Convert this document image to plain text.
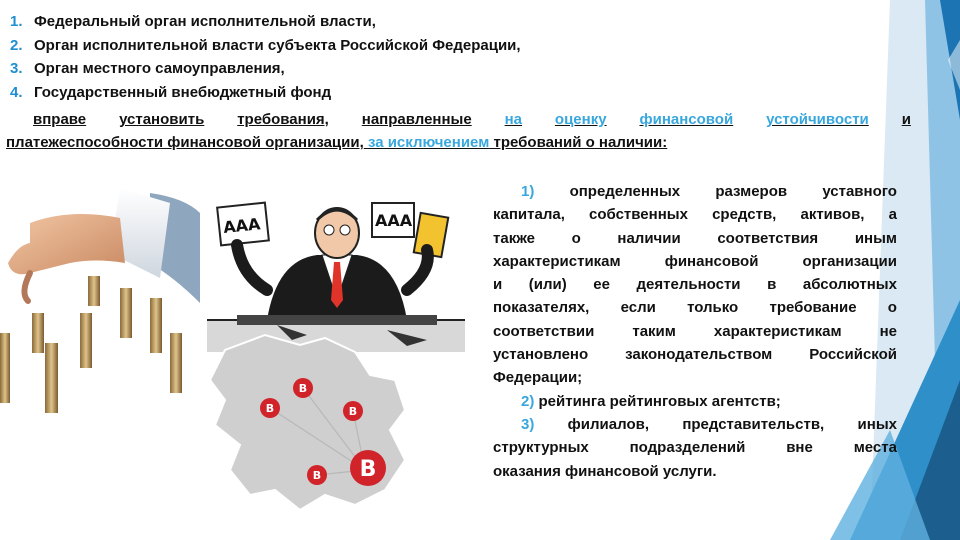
1. Федеральный орган исполнительной власти,
2. Орган исполнительной власти субъекта Российской Федерации,
3. Орган местного самоуправления,
4. Государственный внебюджетный фонд
вправе установить требования, направленные на оценку финансовой устойчивости и
платежеспособности финансовой организации, за исключением требований о наличии:
1) определенных размеров уставного
капитала, собственных средств, активов, а
также о наличии соответствия иным
характеристикам	финансовой	организации
и (или) ее деятельности в абсолютных
показателях, если только требование о
соответствии	таким	характеристикам	не
установлено законодательством Российской
Федерации;
2) рейтинга рейтинговых агентств;
3) филиалов, представительств, иных
структурных	подразделений	вне	места
оказания финансовой услуги.
AAA	AAA
B
B	B
B B
